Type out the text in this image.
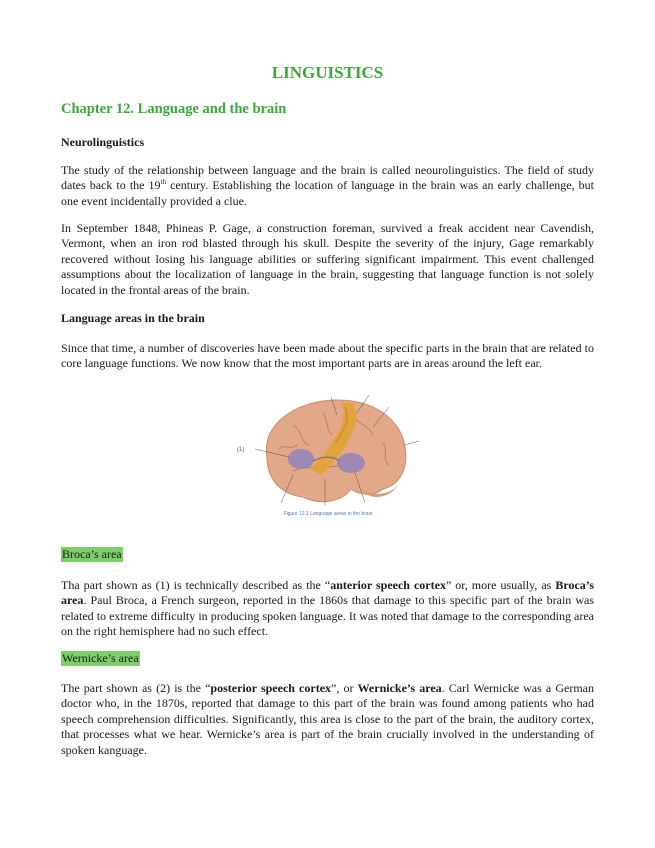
LINGUISTICS
Chapter 12. Language and the brain
Neurolinguistics

The study of the relationship between language and the brain is called neourolinguistics. The field of study dates back to the 19th century. Establishing the location of language in the brain was an early challenge, but one event incidentally provided a clue.

In September 1848, Phineas P. Gage, a construction foreman, survived a freak accident near Cavendish, Vermont, when an iron rod blasted through his skull. Despite the severity of the injury, Gage remarkably recovered without losing his language abilities or suffering significant impairment. This event challenged assumptions about the localization of language in the brain, suggesting that language function is not solely located in the frontal areas of the brain.

Language areas in the brain

Since that time, a number of discoveries have been made about the specific parts in the brain that are related to core language functions. We now know that the most important parts are in areas around the left ear.

(1)
Figure 12.1 Language areas in the brain
Broca’s area

Tha part shown as (1) is technically described as the “anterior speech cortex” or, more usually, as Broca’s area. Paul Broca, a French surgeon, reported in the 1860s that damage to this specific part of the brain was related to extreme difficulty in producing spoken language. It was noted that damage to the corresponding area on the right hemisphere had no such effect.

Wernicke’s area

The part shown as (2) is the “posterior speech cortex”, or Wernicke’s area. Carl Wernicke was a German doctor who, in the 1870s, reported that damage to this part of the brain was found among patients who had speech comprehension difficulties. Significantly, this area is close to the part of the brain, the auditory cortex, that processes what we hear. Wernicke’s area is part of the brain crucially involved in the understanding of spoken kanguage.
